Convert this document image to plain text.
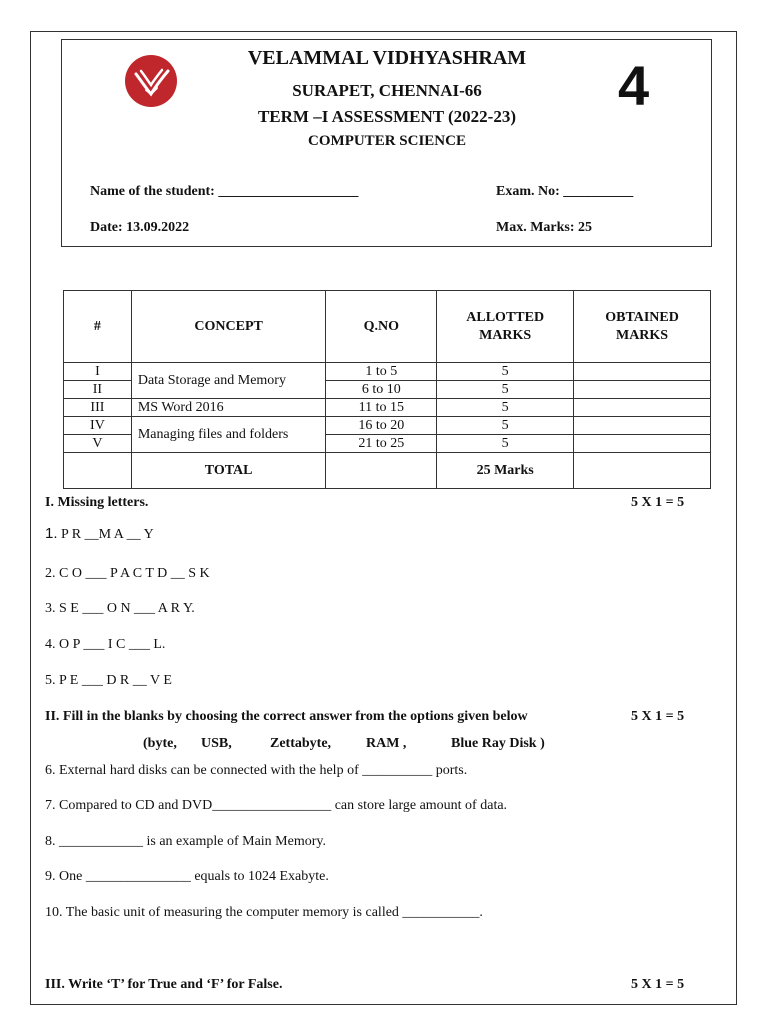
VELAMMAL VIDHYASHRAM
SURAPET, CHENNAI-66
TERM –I ASSESSMENT (2022-23)
COMPUTER SCIENCE
4
Name of the student: ____________________	Exam. No: __________
Date: 13.09.2022	Max. Marks: 25
#	CONCEPT	Q.NO	ALLOTTED MARKS	OBTAINED MARKS

I	Data Storage and Memory	1 to 5	5	
II		6 to 10	5	
III	MS Word 2016	11 to 15	5	
IV	Managing files and folders	16 to 20	5	
V		21 to 25	5	
	TOTAL		25 Marks	
I. Missing letters.	5 X 1 = 5
1. P R __M A __ Y
2. C O ___ P A C T D __ S K
3. S E ___ O N ___ A R Y.
4. O P ___ I C ___ L.
5. P E ___ D R __ V E
II. Fill in the blanks by choosing the correct answer from the options given below	5 X 1 = 5
(byte, USB,	Zettabyte, RAM ,	Blue Ray Disk )
6. External hard disks can be connected with the help of __________ ports.
7. Compared to CD and DVD_________________ can store large amount of data.
8. ____________ is an example of Main Memory.
9. One _______________ equals to 1024 Exabyte.
10. The basic unit of measuring the computer memory is called ___________.
III. Write ‘T’ for True and ‘F’ for False.	5 X 1 = 5
